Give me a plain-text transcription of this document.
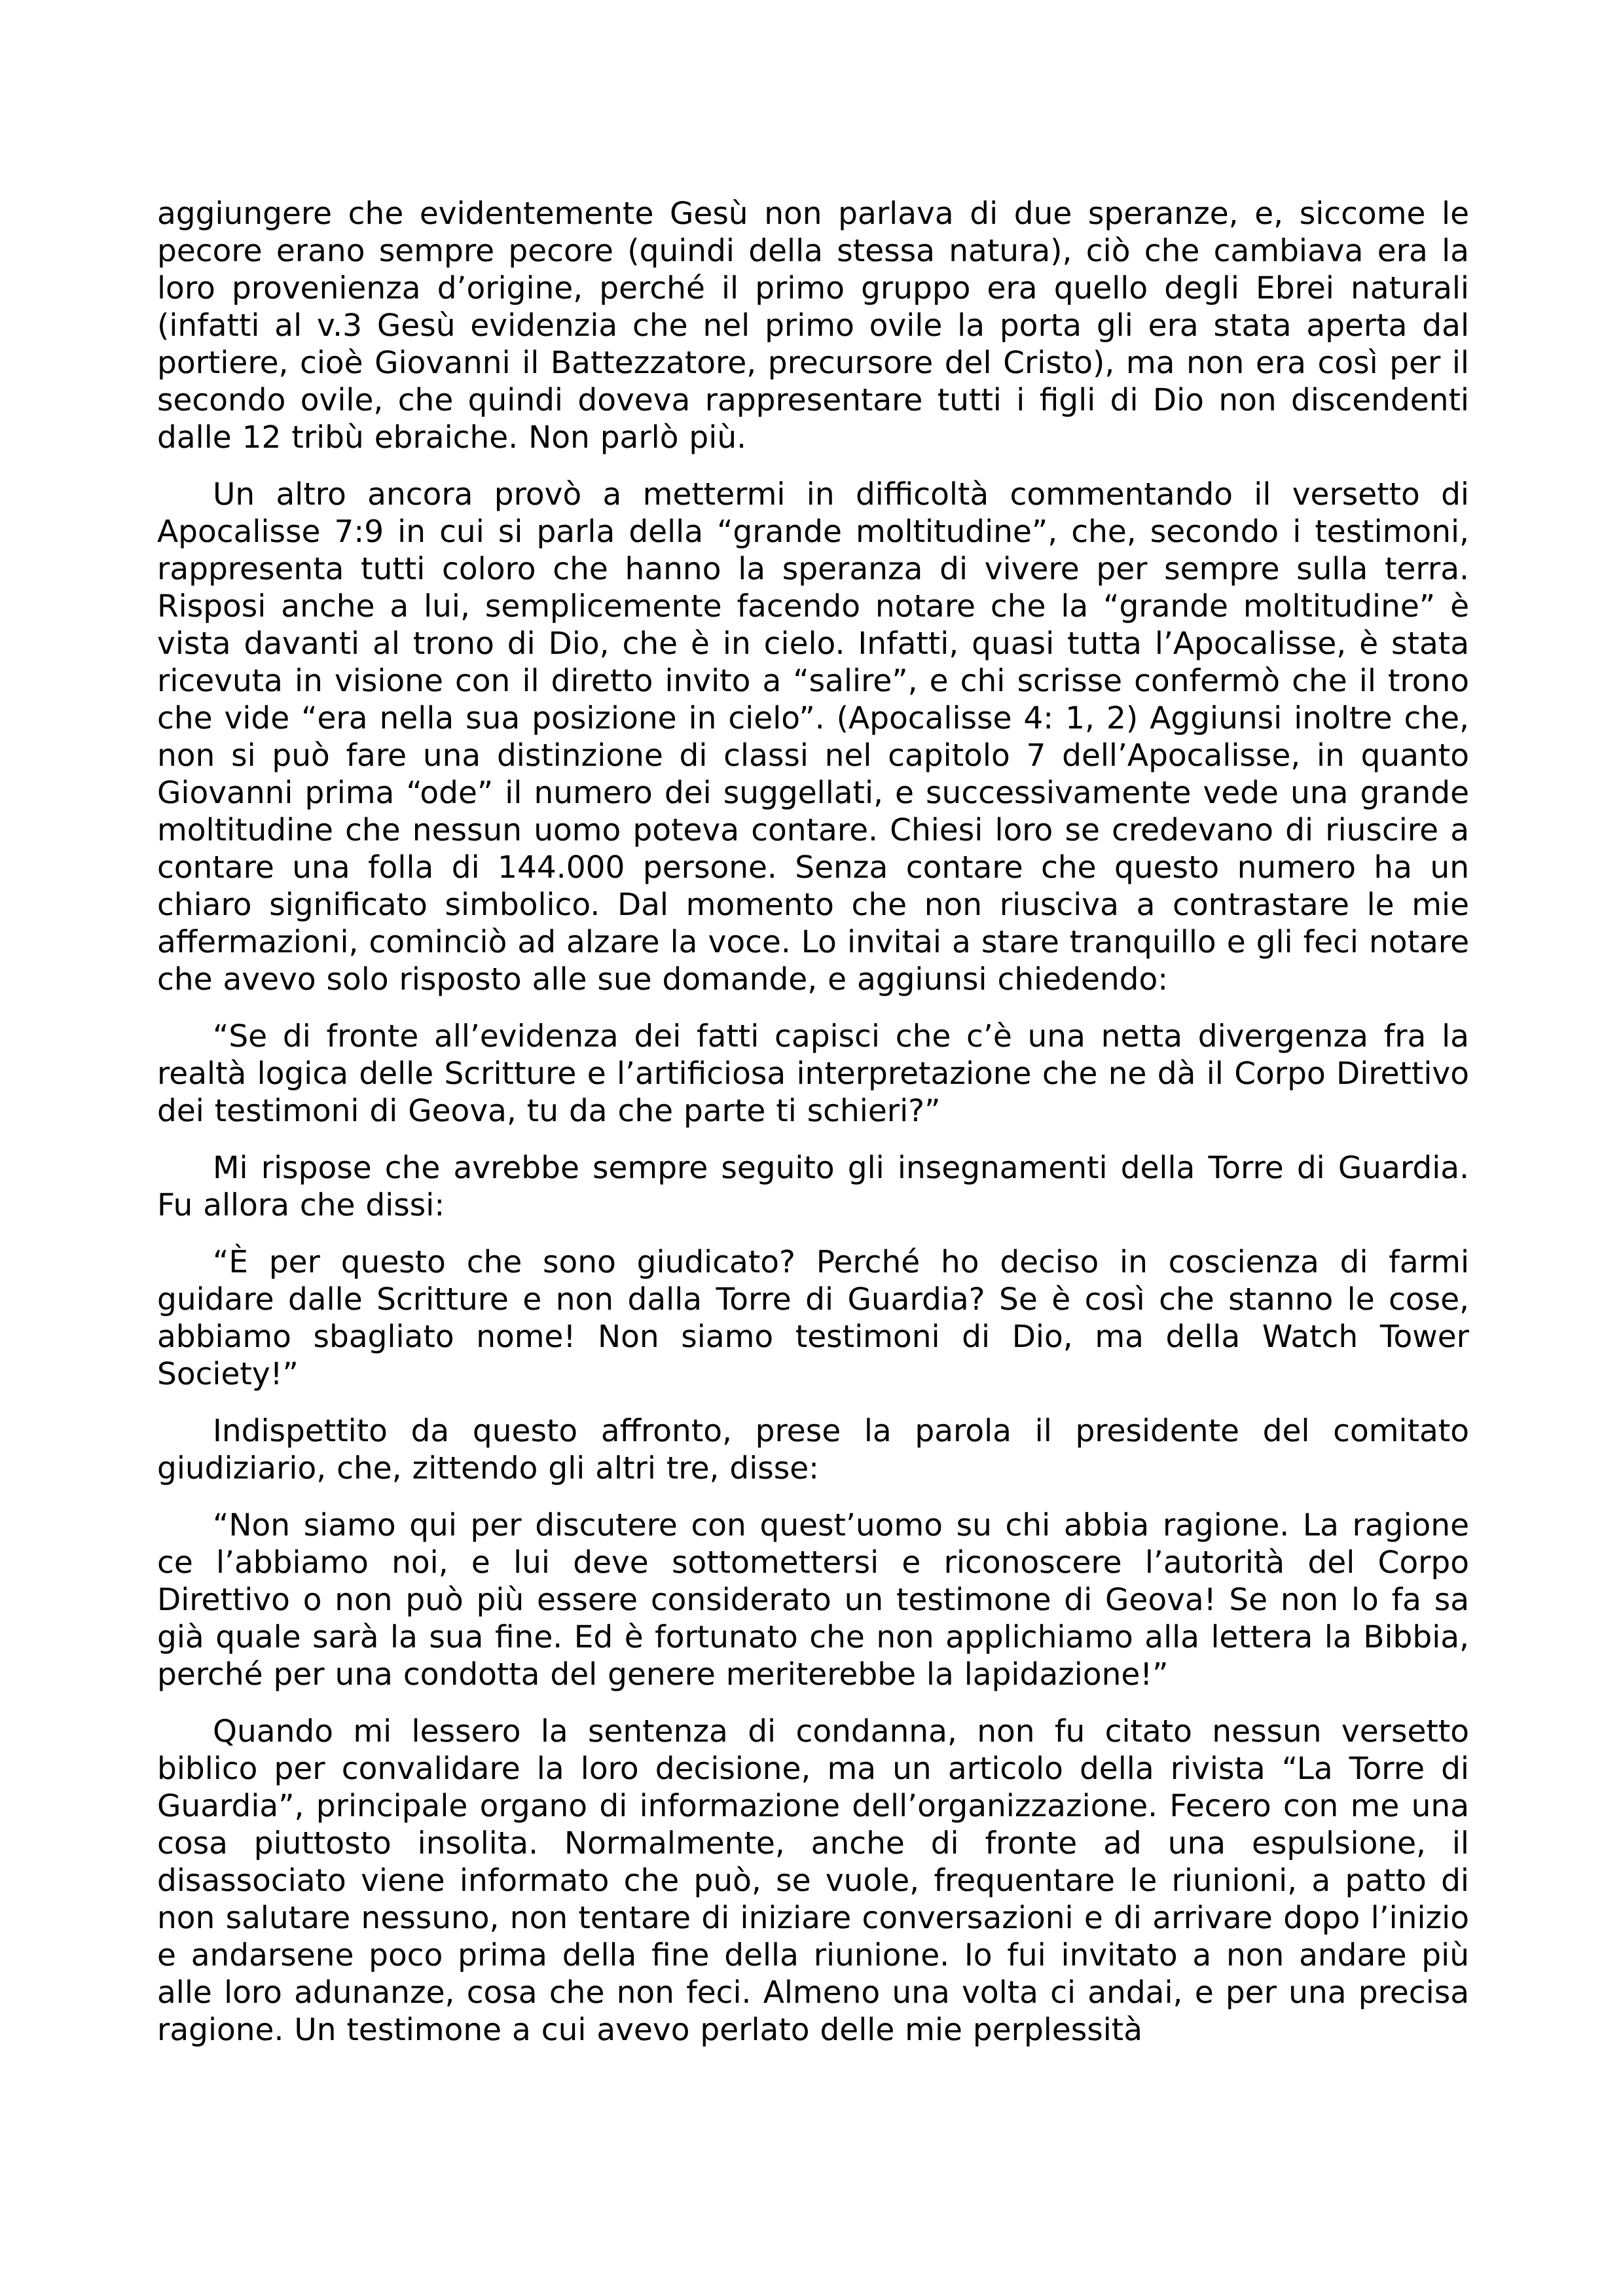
aggiungere che evidentemente Gesù non parlava di due speranze, e, siccome le pecore erano sempre pecore (quindi della stessa natura), ciò che cambiava era la loro provenienza d’origine, perché il primo gruppo era quello degli Ebrei naturali (infatti al v.3 Gesù evidenzia che nel primo ovile la porta gli era stata aperta dal portiere, cioè Giovanni il Battezzatore, precursore del Cristo), ma non era così per il secondo ovile, che quindi doveva rappresentare tutti i figli di Dio non discendenti dalle 12 tribù ebraiche. Non parlò più.

Un altro ancora provò a mettermi in difficoltà commentando il versetto di Apocalisse 7:9 in cui si parla della “grande moltitudine”, che, secondo i testimoni, rappresenta tutti coloro che hanno la speranza di vivere per sempre sulla terra. Risposi anche a lui, semplicemente facendo notare che la “grande moltitudine” è vista davanti al trono di Dio, che è in cielo. Infatti, quasi tutta l’Apocalisse, è stata ricevuta in visione con il diretto invito a “salire”, e chi scrisse confermò che il trono che vide “era nella sua posizione in cielo”. (Apocalisse 4: 1, 2) Aggiunsi inoltre che, non si può fare una distinzione di classi nel capitolo 7 dell’Apocalisse, in quanto Giovanni prima “ode” il numero dei suggellati, e successivamente vede una grande moltitudine che nessun uomo poteva contare. Chiesi loro se credevano di riuscire a contare una folla di 144.000 persone. Senza contare che questo numero ha un chiaro significato simbolico. Dal momento che non riusciva a contrastare le mie affermazioni, cominciò ad alzare la voce. Lo invitai a stare tranquillo e gli feci notare che avevo solo risposto alle sue domande, e aggiunsi chiedendo:

“Se di fronte all’evidenza dei fatti capisci che c’è una netta divergenza fra la realtà logica delle Scritture e l’artificiosa interpretazione che ne dà il Corpo Direttivo dei testimoni di Geova, tu da che parte ti schieri?”

Mi rispose che avrebbe sempre seguito gli insegnamenti della Torre di Guardia. Fu allora che dissi:

“È per questo che sono giudicato? Perché ho deciso in coscienza di farmi guidare dalle Scritture e non dalla Torre di Guardia? Se è così che stanno le cose, abbiamo sbagliato nome! Non siamo testimoni di Dio, ma della Watch Tower Society!”

Indispettito da questo affronto, prese la parola il presidente del comitato giudiziario, che, zittendo gli altri tre, disse:

“Non siamo qui per discutere con quest’uomo su chi abbia ragione. La ragione ce l’abbiamo noi, e lui deve sottomettersi e riconoscere l’autorità del Corpo Direttivo o non può più essere considerato un testimone di Geova! Se non lo fa sa già quale sarà la sua fine. Ed è fortunato che non applichiamo alla lettera la Bibbia, perché per una condotta del genere meriterebbe la lapidazione!”

Quando mi lessero la sentenza di condanna, non fu citato nessun versetto biblico per convalidare la loro decisione, ma un articolo della rivista “La Torre di Guardia”, principale organo di informazione dell’organizzazione. Fecero con me una cosa piuttosto insolita. Normalmente, anche di fronte ad una espulsione, il disassociato viene informato che può, se vuole, frequentare le riunioni, a patto di non salutare nessuno, non tentare di iniziare conversazioni e di arrivare dopo l’inizio e andarsene poco prima della fine della riunione. Io fui invitato a non andare più alle loro adunanze, cosa che non feci. Almeno una volta ci andai, e per una precisa ragione. Un testimone a cui avevo perlato delle mie perplessità
